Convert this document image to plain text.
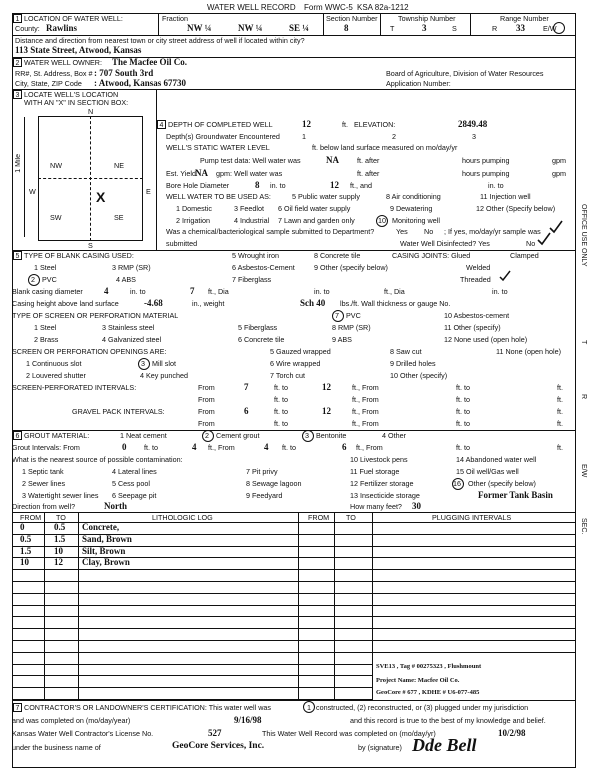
WATER WELL RECORD Form WWC-5 KSA 82a-1212
1 LOCATION OF WATER WELL:
County: Rawlins
Fraction
NW ¼	NW ¼	SE ¼
Section Number
8
Township Number
T	3	S
Range Number
R 33	E/W
Distance and direction from nearest town or city street address of well if located within city?
113 State Street, Atwood, Kansas
2 WATER WELL OWNER: The Macfee Oil Co.
RR#, St. Address, Box # : 707 South 3rd
City, State, ZIP Code : Atwood, Kansas 67730
Board of Agriculture, Division of Water Resources
Application Number:
3 LOCATE WELL'S LOCATION
WITH AN "X" IN SECTION BOX:
N
NW	NE
SW	SE
W	E
S
X
1 Mile
4 DEPTH OF COMPLETED WELL	12	ft. ELEVATION:	2849.48
Depth(s) Groundwater Encountered	1	2	3
WELL'S STATIC WATER LEVEL	ft. below land surface measured on mo/day/yr
Pump test data: Well water was	NA	ft. after	hours pumping	gpm
Est. Yield NA gpm: Well water was	ft. after	hours pumping	gpm
Bore Hole Diameter	8 in. to	12 ft., and	in. to
WELL WATER TO BE USED AS:	5 Public water supply	8 Air conditioning	11 Injection well
1 Domestic	3 Feedlot 6 Oil field water supply	9 Dewatering	12 Other (Specify below)
2 Irrigation	4 Industrial 7 Lawn and garden only	10 Monitoring well
Was a chemical/bacteriological sample submitted to Department?	Yes No ; If yes, mo/day/yr sample was
submitted	Water Well Disinfected? Yes	No
5 TYPE OF BLANK CASING USED:	5 Wrought iron	8 Concrete tile	CASING JOINTS: Glued	Clamped
1 Steel	3 RMP (SR)	6 Asbestos-Cement	9 Other (specify below)	Welded
2 PVC	4 ABS	7 Fiberglass	Threaded
Blank casing diameter 4	in. to	7 ft., Dia	in. to	ft., Dia	in. to
Casing height above land surface	-4.68	in., weight	Sch 40 lbs./ft. Wall thickness or gauge No.
TYPE OF SCREEN OR PERFORATION MATERIAL	7 PVC	10 Asbestos-cement
1 Steel	3 Stainless steel	5 Fiberglass	8 RMP (SR)	11 Other (specify)
2 Brass	4 Galvanized steel	6 Concrete tile	9 ABS	12 None used (open hole)
SCREEN OR PERFORATION OPENINGS ARE:	5 Gauzed wrapped	8 Saw cut	11 None (open hole)
1 Continuous slot	3 Mill slot	6 Wire wrapped	9 Drilled holes
2 Louvered shutter	4 Key punched	7 Torch cut	10 Other (specify)
SCREEN-PERFORATED INTERVALS:	From	7	ft. to	12	ft., From	ft. to	ft.
From	ft. to	ft., From	ft. to	ft.
GRAVEL PACK INTERVALS:	From	6	ft. to	12	ft., From	ft. to	ft.
From	ft. to	ft., From	ft. to	ft.
6 GROUT MATERIAL:	1 Neat cement	2 Cement grout	3 Bentonite	4 Other
Grout Intervals: From	0 ft. to	4 ft., From	4 ft. to	6 ft., From	ft. to	ft.
What is the nearest source of possible contamination:	10 Livestock pens	14 Abandoned water well
1 Septic tank	4 Lateral lines	7 Pit privy	11 Fuel storage	15 Oil well/Gas well
2 Sewer lines	5 Cess pool	8 Sewage lagoon	12 Fertilizer storage	16 Other (specify below)
3 Watertight sewer lines 6 Seepage pit	9 Feedyard	13 Insecticide storage	Former Tank Basin
Direction from well?	North	How many feet? 30
FROM TO	LITHOLOGIC LOG	FROM TO	PLUGGING INTERVALS
0	0.5 Concrete,
0.5	1.5 Sand, Brown
1.5	10 Silt, Brown
10	12 Clay, Brown
SVE13 , Tag # 00275323 , Flushmount
Project Name: Macfee Oil Co.
GeoCore # 677 , KDHE # U6-077-485
7 CONTRACTOR'S OR LANDOWNER'S CERTIFICATION: This water well was	1 constructed, (2) reconstructed, or (3) plugged under my jurisdiction
and was completed on (mo/day/year)	9/16/98	and this record is true to the best of my knowledge and belief.
Kansas Water Well Contractor's License No.	527	This Water Well Record was completed on (mo/day/yr)	10/2/98
under the business name of	GeoCore Services, Inc.	by (signature) Dde Bell
OFFICE USE ONLY
T
R
E/W
SEC.
